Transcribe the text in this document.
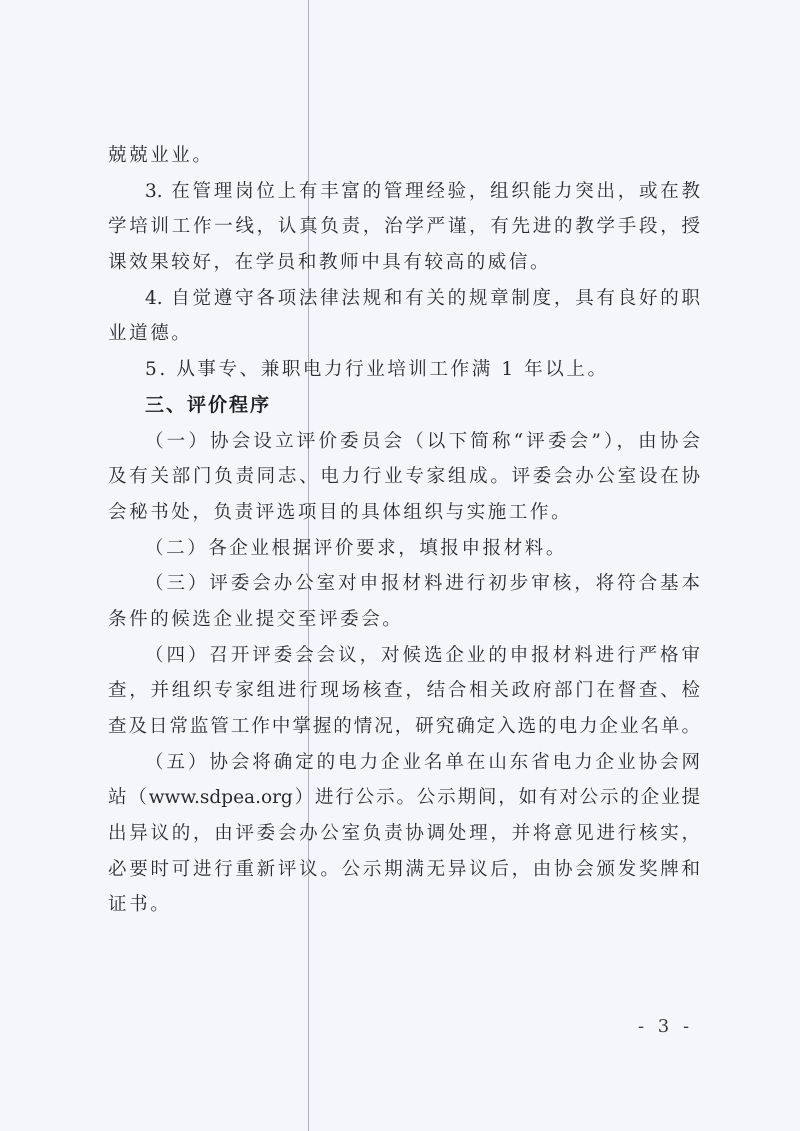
兢兢业业。
3. 在管理岗位上有丰富的管理经验，组织能力突出，或在教
学培训工作一线，认真负责，治学严谨，有先进的教学手段，授
课效果较好，在学员和教师中具有较高的威信。
4. 自觉遵守各项法律法规和有关的规章制度，具有良好的职
业道德。
5. 从事专、兼职电力行业培训工作满 1 年以上。
三、评价程序
（一）协会设立评价委员会（以下简称“评委会”），由协会
及有关部门负责同志、电力行业专家组成。评委会办公室设在协
会秘书处，负责评选项目的具体组织与实施工作。
（二）各企业根据评价要求，填报申报材料。
（三）评委会办公室对申报材料进行初步审核，将符合基本
条件的候选企业提交至评委会。
（四）召开评委会会议，对候选企业的申报材料进行严格审
查，并组织专家组进行现场核查，结合相关政府部门在督查、检
查及日常监管工作中掌握的情况，研究确定入选的电力企业名单。
（五）协会将确定的电力企业名单在山东省电力企业协会网
站（www.sdpea.org）进行公示。公示期间，如有对公示的企业提
出异议的，由评委会办公室负责协调处理，并将意见进行核实，
必要时可进行重新评议。公示期满无异议后，由协会颁发奖牌和
证书。
- 3 -
